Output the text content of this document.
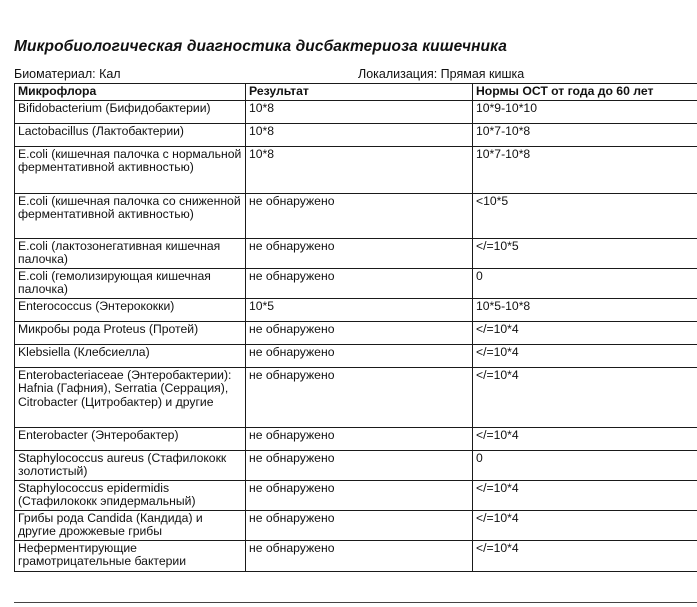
Микробиологическая диагностика дисбактериоза кишечника
Биоматериал: Кал	Локализация: Прямая кишка
Микрофлора	Результат	Нормы ОСТ от года до 60 лет
Bifidobacterium (Бифидобактерии)	10*8	10*9-10*10
Lactobacillus (Лактобактерии)	10*8	10*7-10*8
E.coli (кишечная палочка с нормальной ферментативной активностью)	10*8	10*7-10*8
E.coli (кишечная палочка со сниженной ферментативной активностью)	не обнаружено	<10*5
E.coli (лактозонегативная кишечная палочка)	не обнаружено	</=10*5
E.coli (гемолизирующая кишечная палочка)	не обнаружено	0
Enterococcus (Энтерококки)	10*5	10*5-10*8
Микробы рода Proteus (Протей)	не обнаружено	</=10*4
Klebsiella (Клебсиелла)	не обнаружено	</=10*4
Enterobacteriaceae (Энтеробактерии): Hafnia (Гафния), Serratia (Серрация), Citrobacter (Цитробактер) и другие	не обнаружено	</=10*4
Enterobacter (Энтеробактер)	не обнаружено	</=10*4
Staphylococcus aureus (Стафилококк золотистый)	не обнаружено	0
Staphylococcus epidermidis (Стафилококк эпидермальный)	не обнаружено	</=10*4
Грибы рода Candida (Кандида) и другие дрожжевые грибы	не обнаружено	</=10*4
Неферментирующие грамотрицательные бактерии	не обнаружено	</=10*4
